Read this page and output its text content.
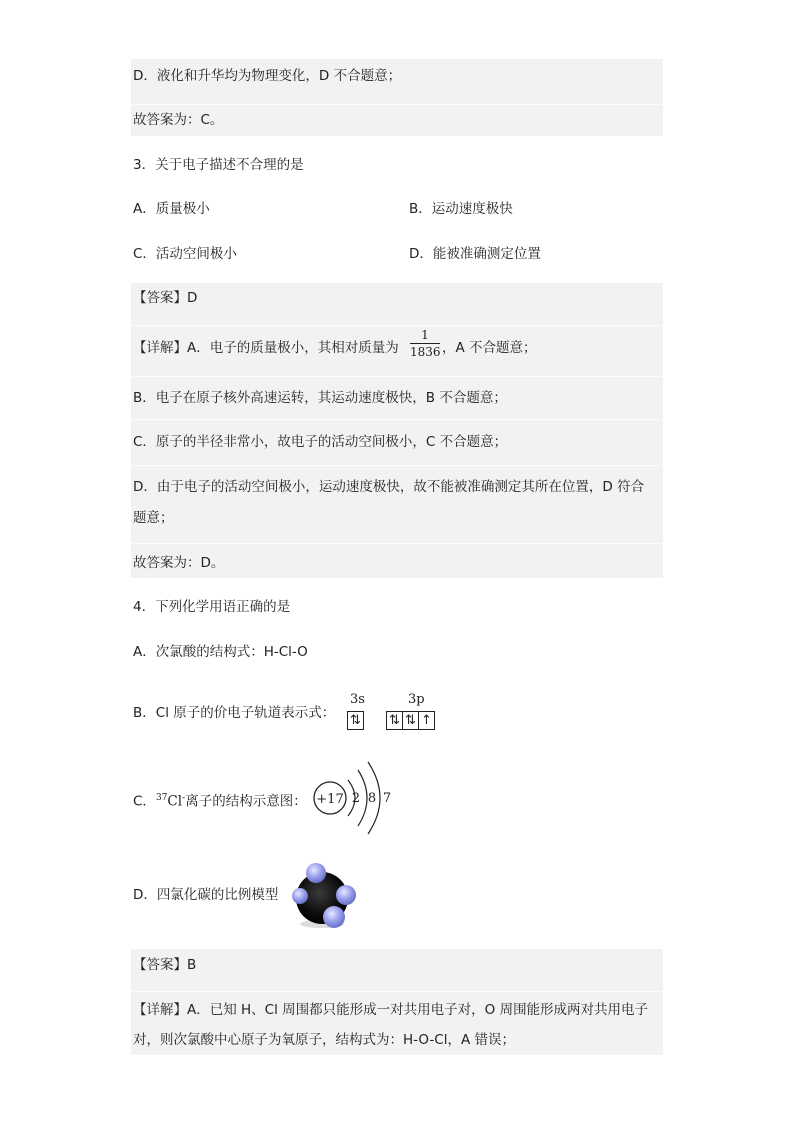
D．液化和升华均为物理变化，D 不合题意；
故答案为：C。
3．关于电子描述不合理的是
A．质量极小	B．运动速度极快
C．活动空间极小	D．能被准确测定位置
【答案】D
【详解】A．电子的质量极小，其相对质量为
1
1836 ，A 不合题意；
B．电子在原子核外高速运转，其运动速度极快，B 不合题意；
C．原子的半径非常小，故电子的活动空间极小，C 不合题意；
D．由于电子的活动空间极小，运动速度极快，故不能被准确测定其所在位置，D 符合
题意；
故答案为：D。
4．下列化学用语正确的是
A．次氯酸的结构式：H-Cl-O
B．Cl 原子的价电子轨道表示式：
3s	3p
⇅ ⇅ ⇅ ↑
C．$^{37}$Cl-离子的结构示意图： +17 2 8 7
D．四氯化碳的比例模型
【答案】B
【详解】A．已知 H、Cl 周围都只能形成一对共用电子对，O 周围能形成两对共用电子
对，则次氯酸中心原子为氧原子，结构式为：H-O-Cl，A 错误；
